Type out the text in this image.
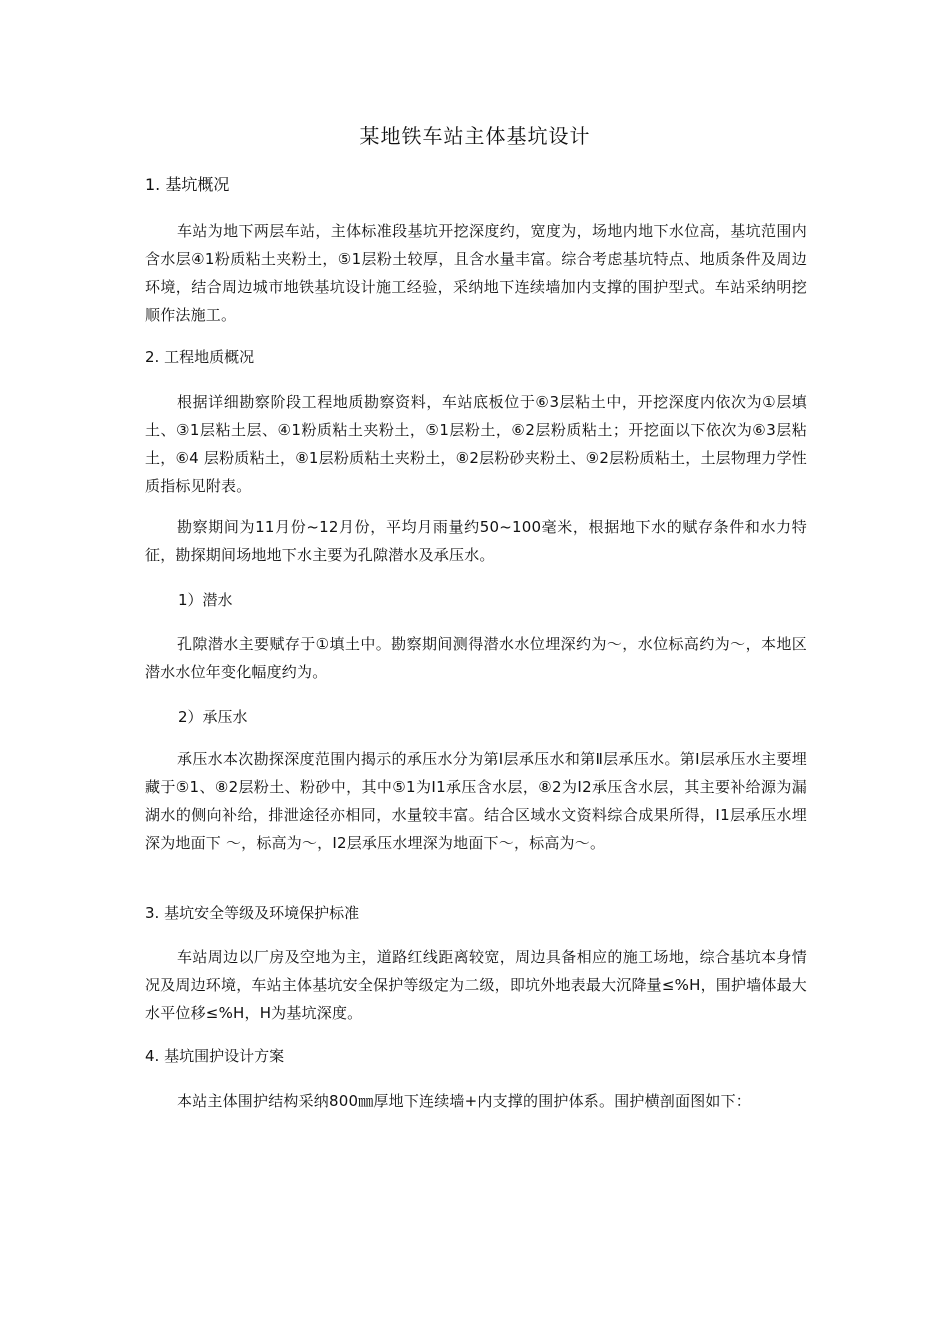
某地铁车站主体基坑设计
1. 基坑概况
车站为地下两层车站，主体标准段基坑开挖深度约，宽度为，场地内地下水位高，基坑范围内含水层④1粉质粘土夹粉土，⑤1层粉土较厚，且含水量丰富。综合考虑基坑特点、地质条件及周边环境，结合周边城市地铁基坑设计施工经验，采纳地下连续墙加内支撑的围护型式。车站采纳明挖顺作法施工。
2. 工程地质概况
根据详细勘察阶段工程地质勘察资料，车站底板位于⑥3层粘土中，开挖深度内依次为①层填土、③1层粘土层、④1粉质粘土夹粉土，⑤1层粉土，⑥2层粉质粘土；开挖面以下依次为⑥3层粘土，⑥4 层粉质粘土，⑧1层粉质粘土夹粉土，⑧2层粉砂夹粉土、⑨2层粉质粘土，土层物理力学性质指标见附表。
勘察期间为11月份~12月份，平均月雨量约50~100毫米，根据地下水的赋存条件和水力特征，勘探期间场地地下水主要为孔隙潜水及承压水。
1）潜水
孔隙潜水主要赋存于①填土中。勘察期间测得潜水水位埋深约为～，水位标高约为～，本地区潜水水位年变化幅度约为。
2）承压水
承压水本次勘探深度范围内揭示的承压水分为第Ⅰ层承压水和第Ⅱ层承压水。第Ⅰ层承压水主要埋藏于⑤1、⑧2层粉土、粉砂中，其中⑤1为Ⅰ1承压含水层，⑧2为Ⅰ2承压含水层，其主要补给源为漏湖水的侧向补给，排泄途径亦相同，水量较丰富。结合区域水文资料综合成果所得，Ⅰ1层承压水埋深为地面下 ～，标高为～，Ⅰ2层承压水埋深为地面下～，标高为～。
3. 基坑安全等级及环境保护标准
车站周边以厂房及空地为主，道路红线距离较宽，周边具备相应的施工场地，综合基坑本身情况及周边环境，车站主体基坑安全保护等级定为二级，即坑外地表最大沉降量≤%H，围护墙体最大水平位移≤%H，H为基坑深度。
4. 基坑围护设计方案
本站主体围护结构采纳800㎜厚地下连续墙+内支撑的围护体系。围护横剖面图如下：
